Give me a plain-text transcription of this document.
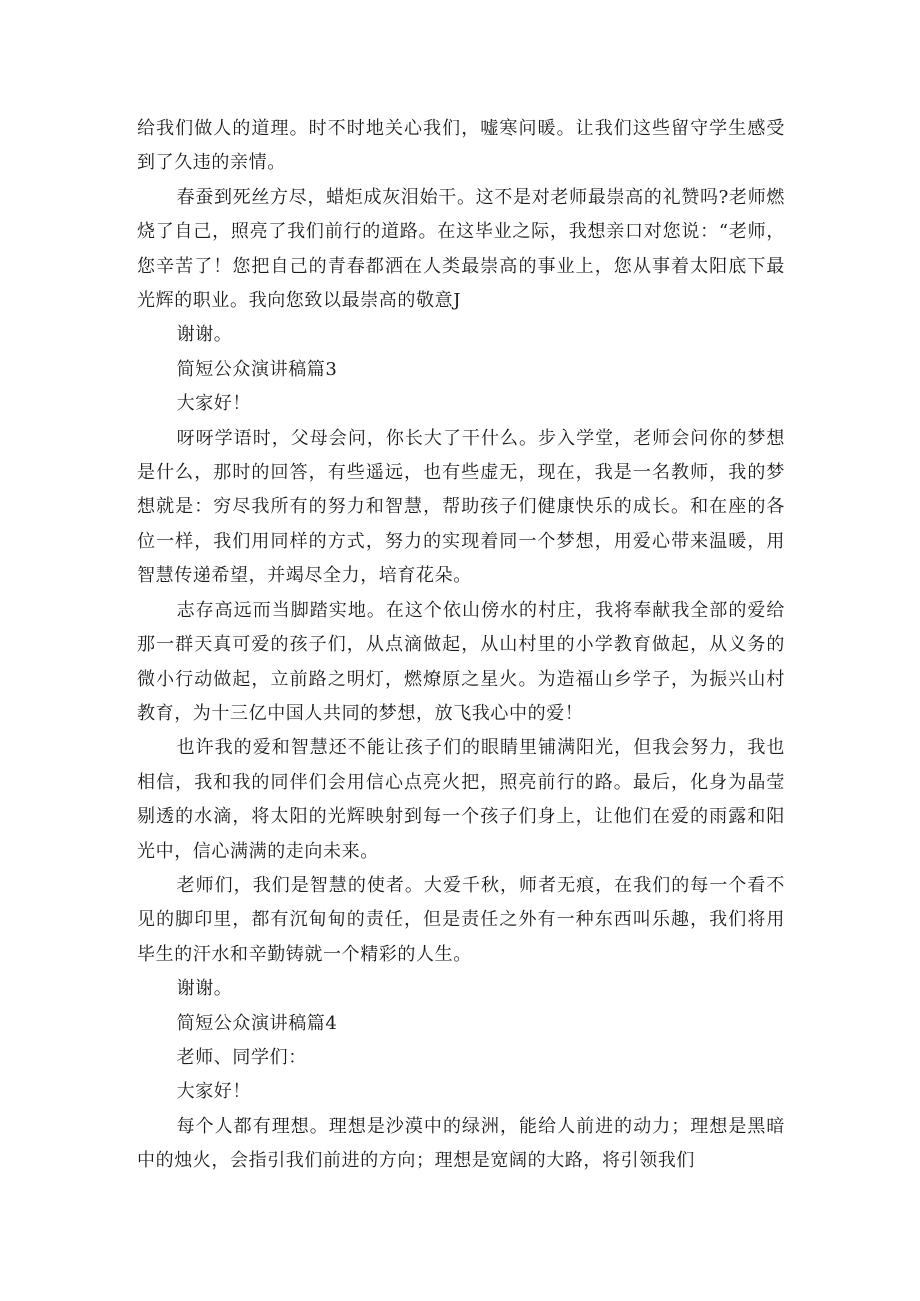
给我们做人的道理。时不时地关心我们，嘘寒问暖。让我们这些留守学生感受到了久违的亲情。

春蚕到死丝方尽，蜡炬成灰泪始干。这不是对老师最崇高的礼赞吗?老师燃烧了自己，照亮了我们前行的道路。在这毕业之际，我想亲口对您说：“老师，您辛苦了！您把自己的青春都洒在人类最崇高的事业上，您从事着太阳底下最光辉的职业。我向您致以最崇高的敬意J

谢谢。

简短公众演讲稿篇3

大家好！

呀呀学语时，父母会问，你长大了干什么。步入学堂，老师会问你的梦想是什么，那时的回答，有些遥远，也有些虚无，现在，我是一名教师，我的梦想就是：穷尽我所有的努力和智慧，帮助孩子们健康快乐的成长。和在座的各位一样，我们用同样的方式，努力的实现着同一个梦想，用爱心带来温暖，用智慧传递希望，并竭尽全力，培育花朵。

志存高远而当脚踏实地。在这个依山傍水的村庄，我将奉献我全部的爱给那一群天真可爱的孩子们，从点滴做起，从山村里的小学教育做起，从义务的微小行动做起，立前路之明灯，燃燎原之星火。为造福山乡学子，为振兴山村教育，为十三亿中国人共同的梦想，放飞我心中的爱！

也许我的爱和智慧还不能让孩子们的眼睛里铺满阳光，但我会努力，我也相信，我和我的同伴们会用信心点亮火把，照亮前行的路。最后，化身为晶莹剔透的水滴，将太阳的光辉映射到每一个孩子们身上，让他们在爱的雨露和阳光中，信心满满的走向未来。

老师们，我们是智慧的使者。大爱千秋，师者无痕，在我们的每一个看不见的脚印里，都有沉甸甸的责任，但是责任之外有一种东西叫乐趣，我们将用毕生的汗水和辛勤铸就一个精彩的人生。

谢谢。

简短公众演讲稿篇4

老师、同学们：

大家好！

每个人都有理想。理想是沙漠中的绿洲，能给人前进的动力；理想是黑暗中的烛火，会指引我们前进的方向；理想是宽阔的大路，将引领我们
